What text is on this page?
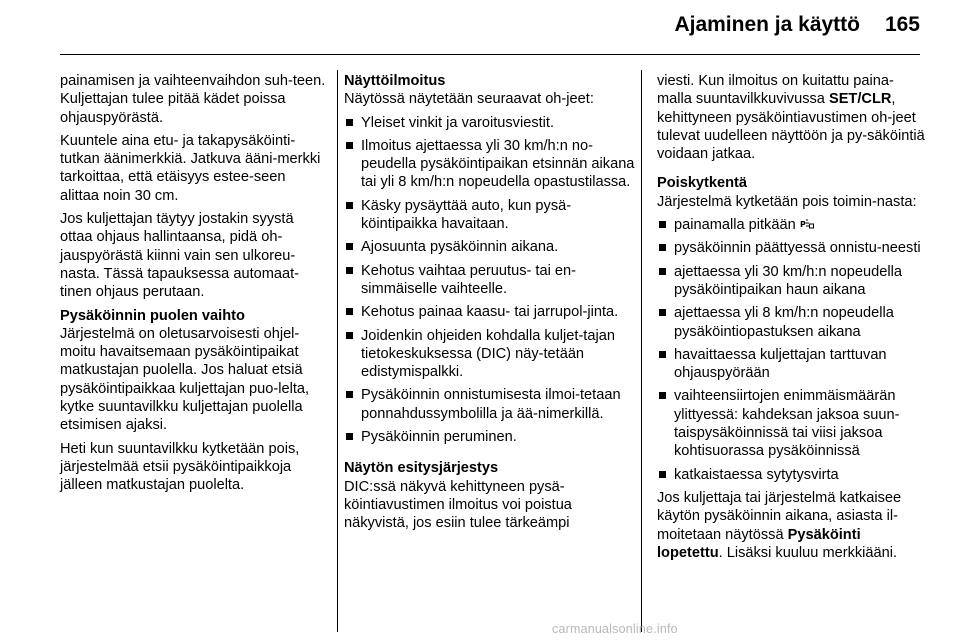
Ajaminen ja käyttö 165

painamisen ja vaihteenvaihdon suh-teen. Kuljettajan tulee pitää kädet poissa ohjauspyörästä.

Kuuntele aina etu- ja takapysäköinti-tutkan äänimerkkiä. Jatkuva ääni-merkki tarkoittaa, että etäisyys estee-seen alittaa noin 30 cm.

Jos kuljettajan täytyy jostakin syystä ottaa ohjaus hallintaansa, pidä oh-jauspyörästä kiinni vain sen ulkoreu-nasta. Tässä tapauksessa automaat-tinen ohjaus perutaan.

Pysäköinnin puolen vaihto

Järjestelmä on oletusarvoisesti ohjel-moitu havaitsemaan pysäköintipaikat matkustajan puolella. Jos haluat etsiä pysäköintipaikkaa kuljettajan puo-lelta, kytke suuntavilkku kuljettajan puolella etsimisen ajaksi.

Heti kun suuntavilkku kytketään pois, järjestelmää etsii pysäköintipaikkoja jälleen matkustajan puolelta.

Näyttöilmoitus

Näytössä näytetään seuraavat oh-jeet:

Yleiset vinkit ja varoitusviestit.
Ilmoitus ajettaessa yli 30 km/h:n no-peudella pysäköintipaikan etsinnän aikana tai yli 8 km/h:n nopeudella opastustilassa.
Käsky pysäyttää auto, kun pysä-köintipaikka havaitaan.
Ajosuunta pysäköinnin aikana.
Kehotus vaihtaa peruutus- tai en-simmäiselle vaihteelle.
Kehotus painaa kaasu- tai jarrupol-jinta.
Joidenkin ohjeiden kohdalla kuljet-tajan tietokeskuksessa (DIC) näy-tetään edistymispalkki.
Pysäköinnin onnistumisesta ilmoi-tetaan ponnahdussymbolilla ja ää-nimerkillä.
Pysäköinnin peruminen.

Näytön esitysjärjestys

DIC:ssä näkyvä kehittyneen pysä-köintiavustimen ilmoitus voi poistua näkyvistä, jos esiin tulee tärkeämpi

viesti. Kun ilmoitus on kuitattu paina-malla suuntavilkkuvivussa SET/CLR, kehittyneen pysäköintiavustimen oh-jeet tulevat uudelleen näyttöön ja py-säköintiä voidaan jatkaa.

Poiskytkentä

Järjestelmä kytketään pois toimin-nasta:

painamalla pitkään P
pysäköinnin päättyessä onnistu-neesti
ajettaessa yli 30 km/h:n nopeudella pysäköintipaikan haun aikana
ajettaessa yli 8 km/h:n nopeudella pysäköintiopastuksen aikana
havaittaessa kuljettajan tarttuvan ohjauspyörään
vaihteensiirtojen enimmäismäärän ylittyessä: kahdeksan jaksoa suun-taispysäköinnissä tai viisi jaksoa kohtisuorassa pysäköinnissä
katkaistaessa sytytysvirta

Jos kuljettaja tai järjestelmä katkaisee käytön pysäköinnin aikana, asiasta il-moitetaan näytössä Pysäköinti lopetettu. Lisäksi kuuluu merkkiääni.

carmanualsonline.info
